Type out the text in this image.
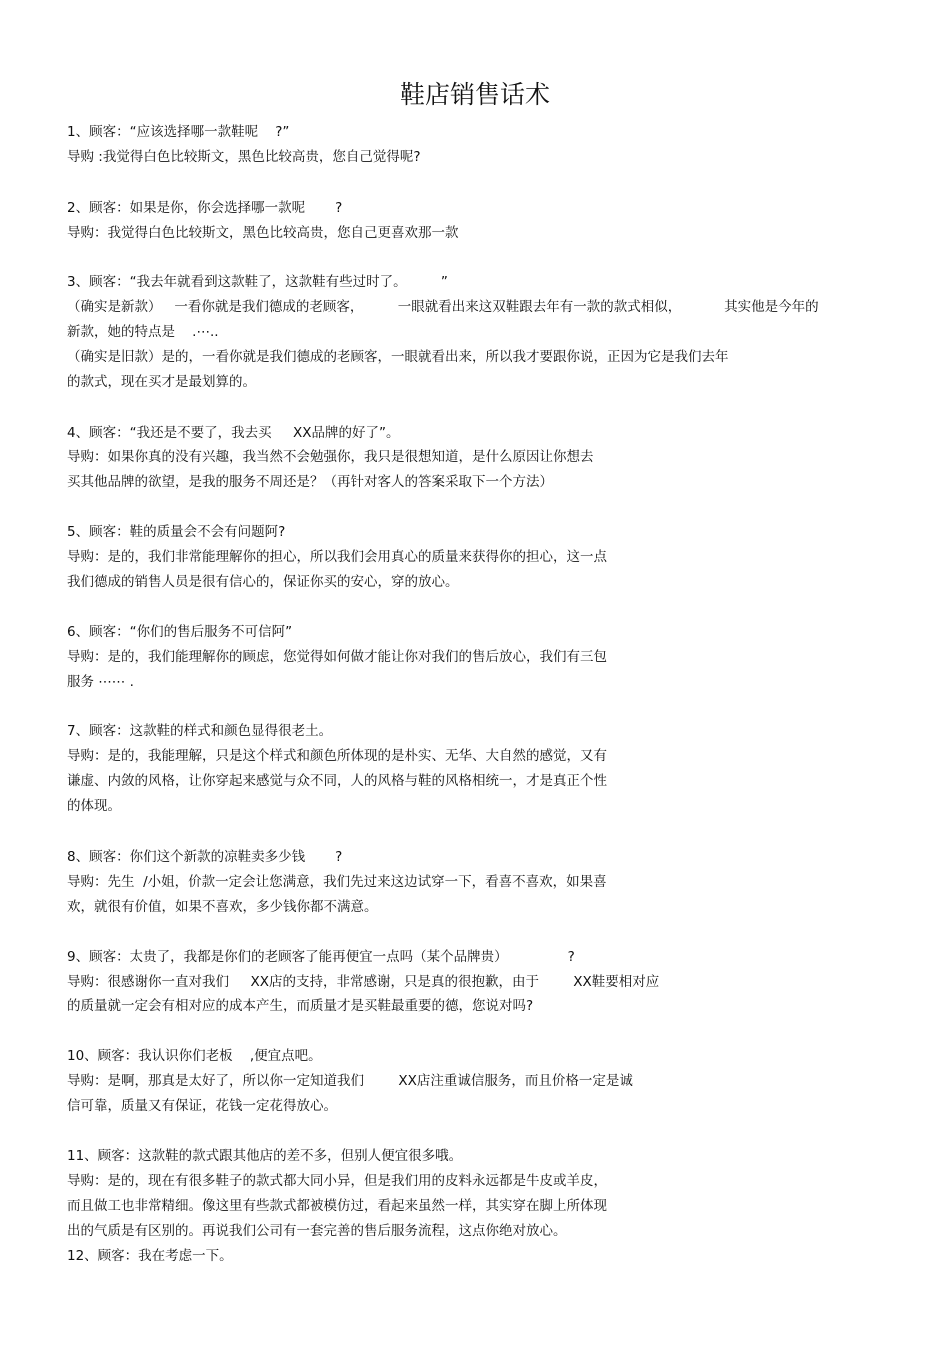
鞋店销售话术
1、顾客：“应该选择哪一款鞋呢    ?”
导购 :我觉得白色比较斯文，黑色比较高贵，您自己觉得呢?
2、顾客：如果是你，你会选择哪一款呢       ?
导购：我觉得白色比较斯文，黑色比较高贵，您自己更喜欢那一款
3、顾客：“我去年就看到这款鞋了，这款鞋有些过时了。        ”
（确实是新款）   一看你就是我们德成的老顾客，        一眼就看出来这双鞋跟去年有一款的款式相似，          其实他是今年的
新款，她的特点是    .⋯..
（确实是旧款）是的，一看你就是我们德成的老顾客，一眼就看出来，所以我才要跟你说，正因为它是我们去年
的款式，现在买才是最划算的。
4、顾客：“我还是不要了，我去买     XX品牌的好了”。
导购：如果你真的没有兴趣，我当然不会勉强你，我只是很想知道，是什么原因让你想去
买其他品牌的欲望，是我的服务不周还是？（再针对客人的答案采取下一个方法）
5、顾客：鞋的质量会不会有问题阿?
导购：是的，我们非常能理解你的担心，所以我们会用真心的质量来获得你的担心，这一点
我们德成的销售人员是很有信心的，保证你买的安心，穿的放心。
6、顾客：“你们的售后服务不可信阿”
导购：是的，我们能理解你的顾虑，您觉得如何做才能让你对我们的售后放心，我们有三包
服务 ⋯⋯ .
7、顾客：这款鞋的样式和颜色显得很老土。
导购：是的，我能理解，只是这个样式和颜色所体现的是朴实、无华、大自然的感觉，又有
谦虚、内敛的风格，让你穿起来感觉与众不同，人的风格与鞋的风格相统一，才是真正个性
的体现。
8、顾客：你们这个新款的凉鞋卖多少钱       ?
导购：先生  /小姐，价款一定会让您满意，我们先过来这边试穿一下，看喜不喜欢，如果喜
欢，就很有价值，如果不喜欢，多少钱你都不满意。
9、顾客：太贵了，我都是你们的老顾客了能再便宜一点吗（某个品牌贵）              ?
导购：很感谢你一直对我们     XX店的支持，非常感谢，只是真的很抱歉，由于        XX鞋要相对应
的质量就一定会有相对应的成本产生，而质量才是买鞋最重要的德，您说对吗?
10、顾客：我认识你们老板    ,便宜点吧。
导购：是啊，那真是太好了，所以你一定知道我们        XX店注重诚信服务，而且价格一定是诚
信可靠，质量又有保证，花钱一定花得放心。
11、顾客：这款鞋的款式跟其他店的差不多，但别人便宜很多哦。
导购：是的，现在有很多鞋子的款式都大同小异，但是我们用的皮料永远都是牛皮或羊皮，
而且做工也非常精细。像这里有些款式都被模仿过，看起来虽然一样，其实穿在脚上所体现
出的气质是有区别的。再说我们公司有一套完善的售后服务流程，这点你绝对放心。
12、顾客：我在考虑一下。
